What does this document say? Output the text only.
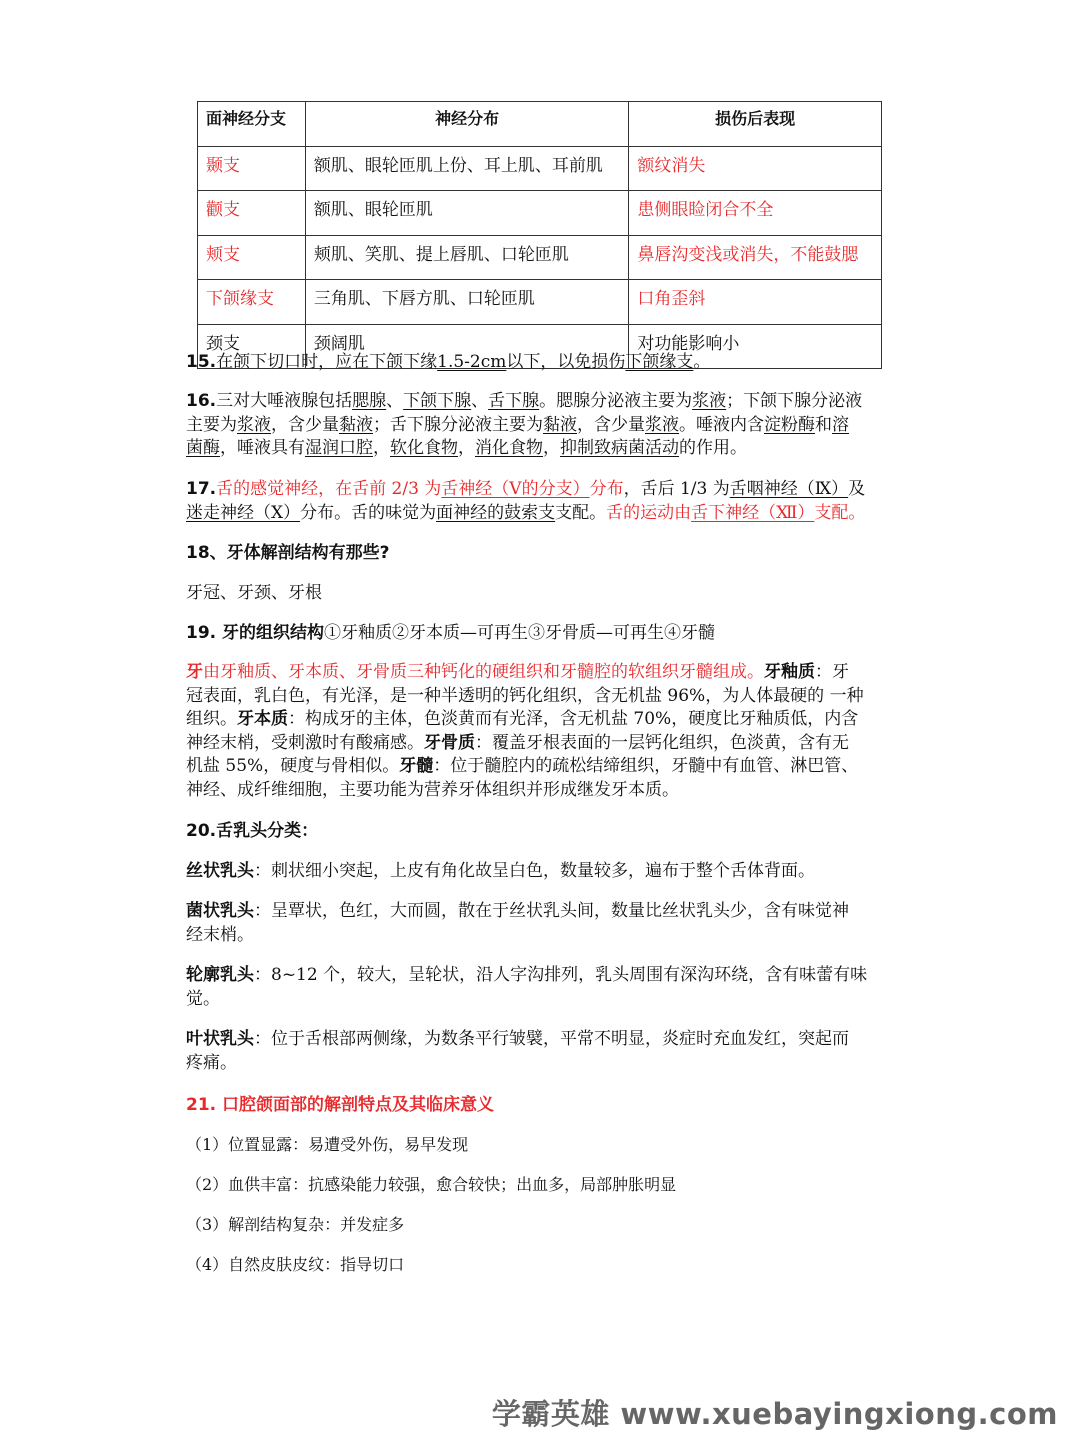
面神经分支	神经分布	损伤后表现
颞支	额肌、眼轮匝肌上份、耳上肌、耳前肌	额纹消失
颧支	额肌、眼轮匝肌	患侧眼睑闭合不全
颊支	颊肌、笑肌、提上唇肌、口轮匝肌	鼻唇沟变浅或消失，不能鼓腮
下颌缘支	三角肌、下唇方肌、口轮匝肌	口角歪斜
颈支	颈阔肌	对功能影响小

15.在颌下切口时，应在下颌下缘1.5-2cm以下，以免损伤下颌缘支。

16.三对大唾液腺包括腮腺、下颌下腺、舌下腺。腮腺分泌液主要为浆液；下颌下腺分泌液

主要为浆液，含少量黏液；舌下腺分泌液主要为黏液，含少量浆液。唾液内含淀粉酶和溶

菌酶，唾液具有湿润口腔，软化食物，消化食物，抑制致病菌活动的作用。

17.舌的感觉神经，在舌前 2/3 为舌神经（Ⅴ的分支）分布，舌后 1/3 为舌咽神经（Ⅸ）及

迷走神经（Ⅹ）分布。舌的味觉为面神经的鼓索支支配。舌的运动由舌下神经（Ⅻ）支配。

18、牙体解剖结构有那些?

牙冠、牙颈、牙根

19. 牙的组织结构①牙釉质②牙本质—可再生③牙骨质—可再生④牙髓

牙由牙釉质、牙本质、牙骨质三种钙化的硬组织和牙髓腔的软组织牙髓组成。牙釉质：牙

冠表面，乳白色，有光泽，是一种半透明的钙化组织，含无机盐 96%，为人体最硬的 一种

组织。牙本质：构成牙的主体，色淡黄而有光泽，含无机盐 70%，硬度比牙釉质低，内含

神经末梢，受刺激时有酸痛感。牙骨质：覆盖牙根表面的一层钙化组织，色淡黄，含有无

机盐 55%，硬度与骨相似。牙髓：位于髓腔内的疏松结缔组织，牙髓中有血管、淋巴管、

神经、成纤维细胞，主要功能为营养牙体组织并形成继发牙本质。

20.舌乳头分类：

丝状乳头：刺状细小突起，上皮有角化故呈白色，数量较多，遍布于整个舌体背面。

菌状乳头：呈覃状，色红，大而圆，散在于丝状乳头间，数量比丝状乳头少，含有味觉神

经末梢。

轮廓乳头：8~12 个，较大，呈轮状，沿人字沟排列，乳头周围有深沟环绕，含有味蕾有味

觉。

叶状乳头：位于舌根部两侧缘，为数条平行皱襞，平常不明显，炎症时充血发红，突起而

疼痛。

21. 口腔颌面部的解剖特点及其临床意义

（1）位置显露：易遭受外伤，易早发现

（2）血供丰富：抗感染能力较强，愈合较快；出血多，局部肿胀明显

（3）解剖结构复杂：并发症多

（4）自然皮肤皮纹：指导切口

学霸英雄 www.xuebayingxiong.com
